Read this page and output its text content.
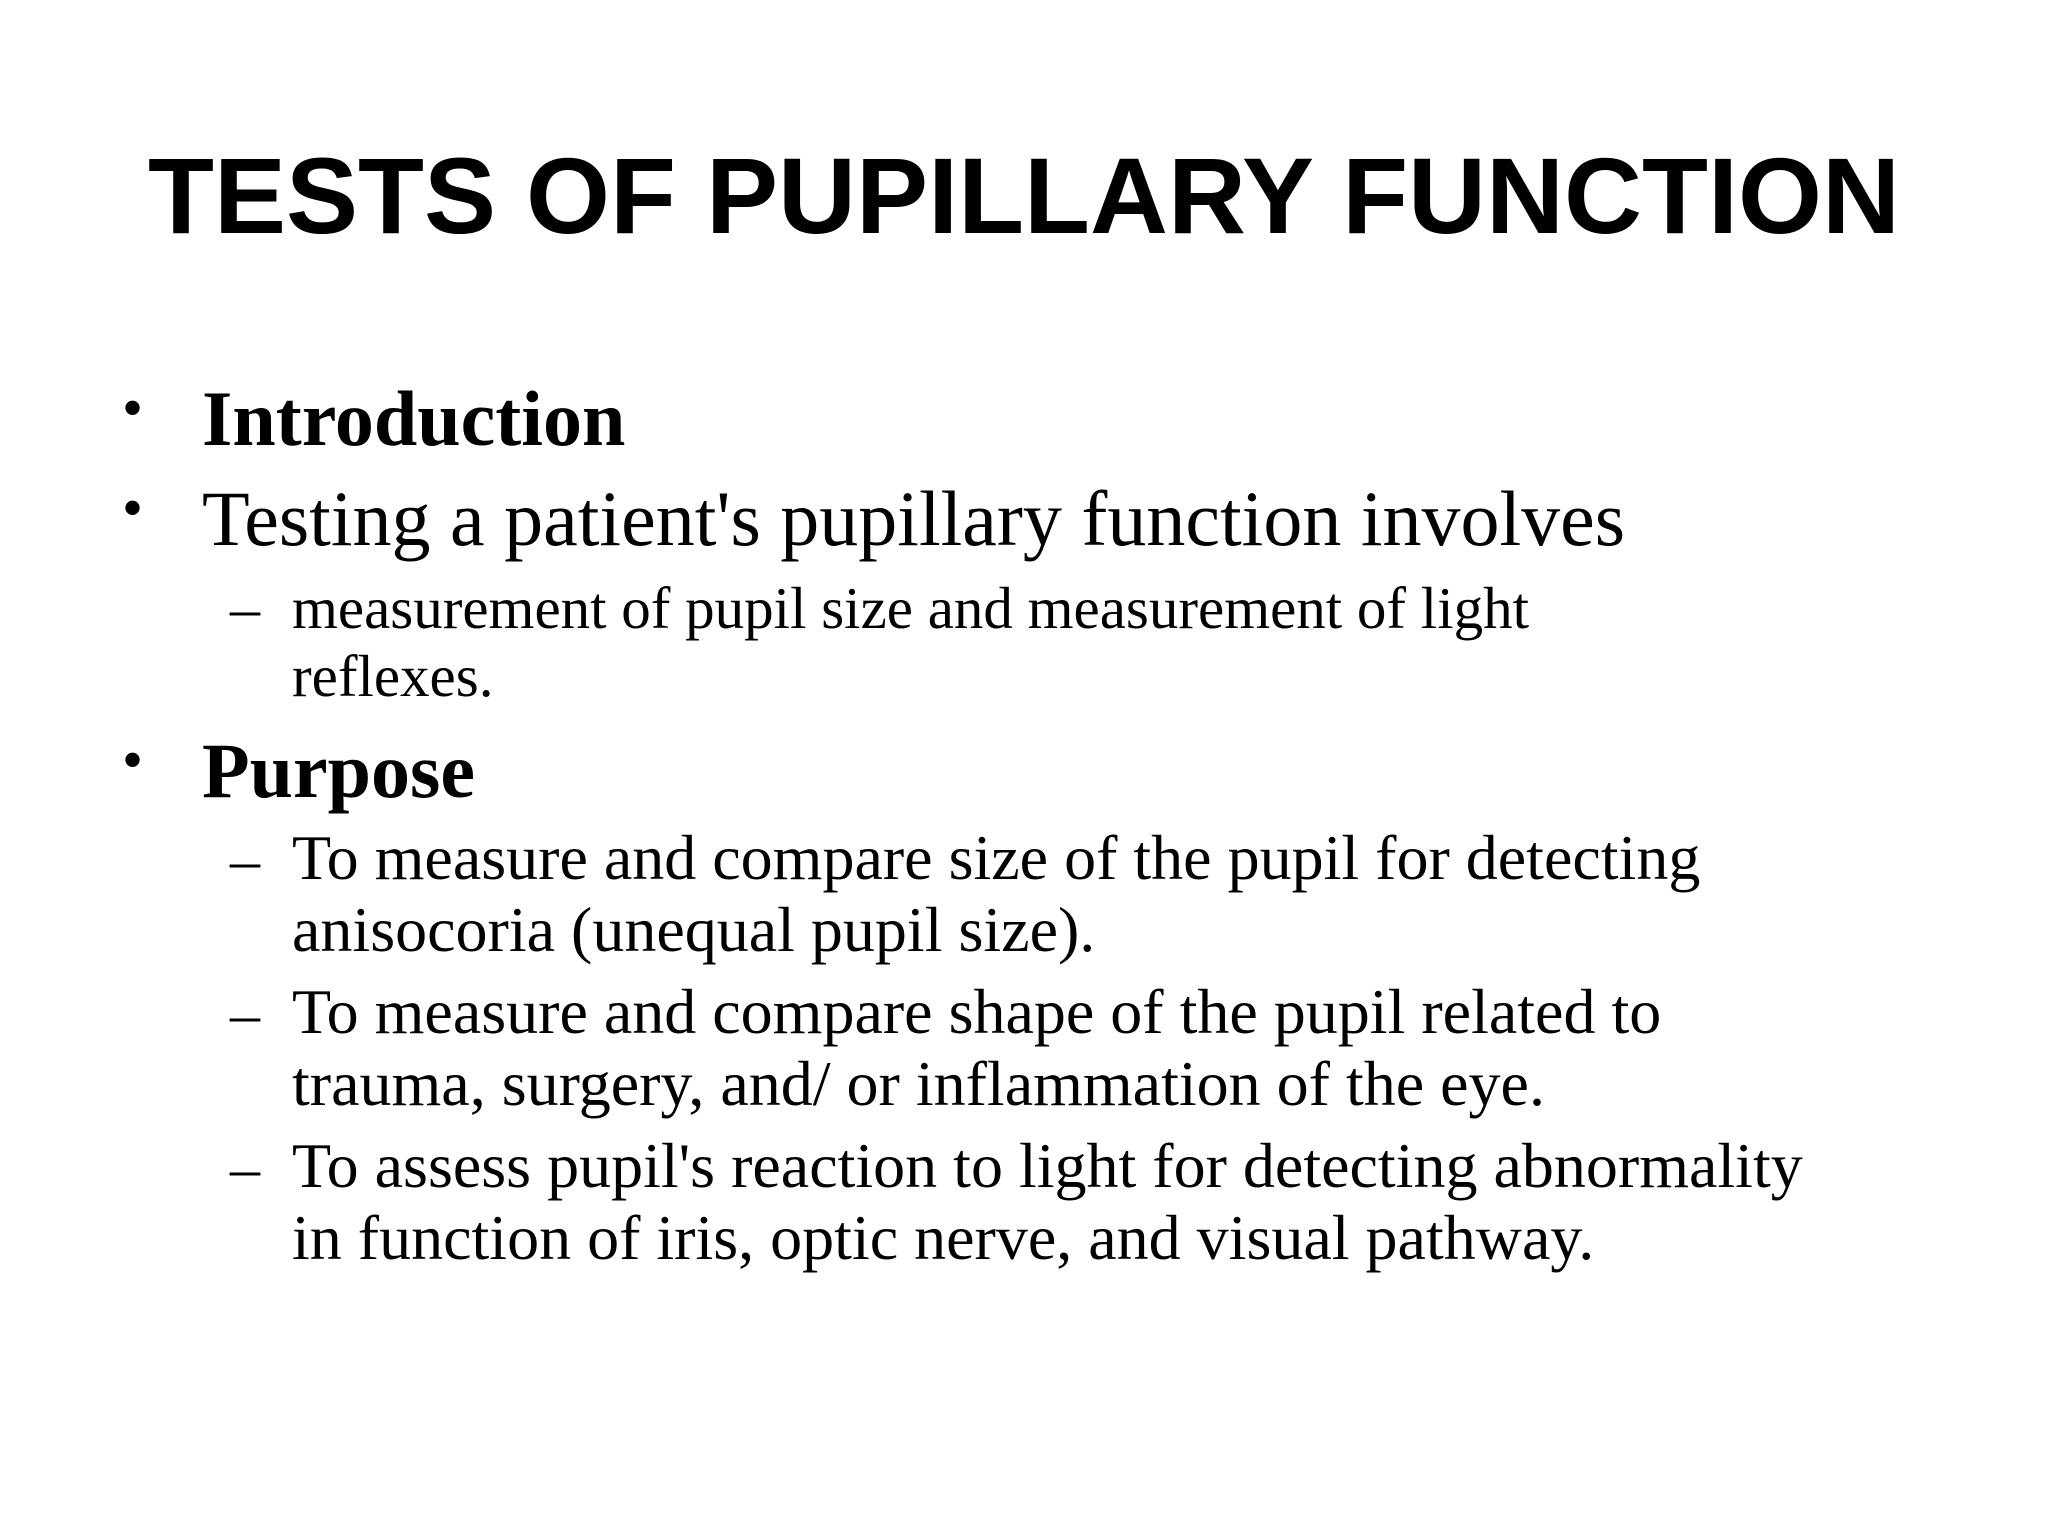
TESTS OF PUPILLARY FUNCTION
• Introduction
• Testing a patient's pupillary function involves
– measurement of pupil size and measurement of light
reflexes.
• Purpose
– To measure and compare size of the pupil for detecting
anisocoria (unequal pupil size).
– To measure and compare shape of the pupil related to
trauma, surgery, and/ or inflammation of the eye.
– To assess pupil's reaction to light for detecting abnormality
in function of iris, optic nerve, and visual pathway.
